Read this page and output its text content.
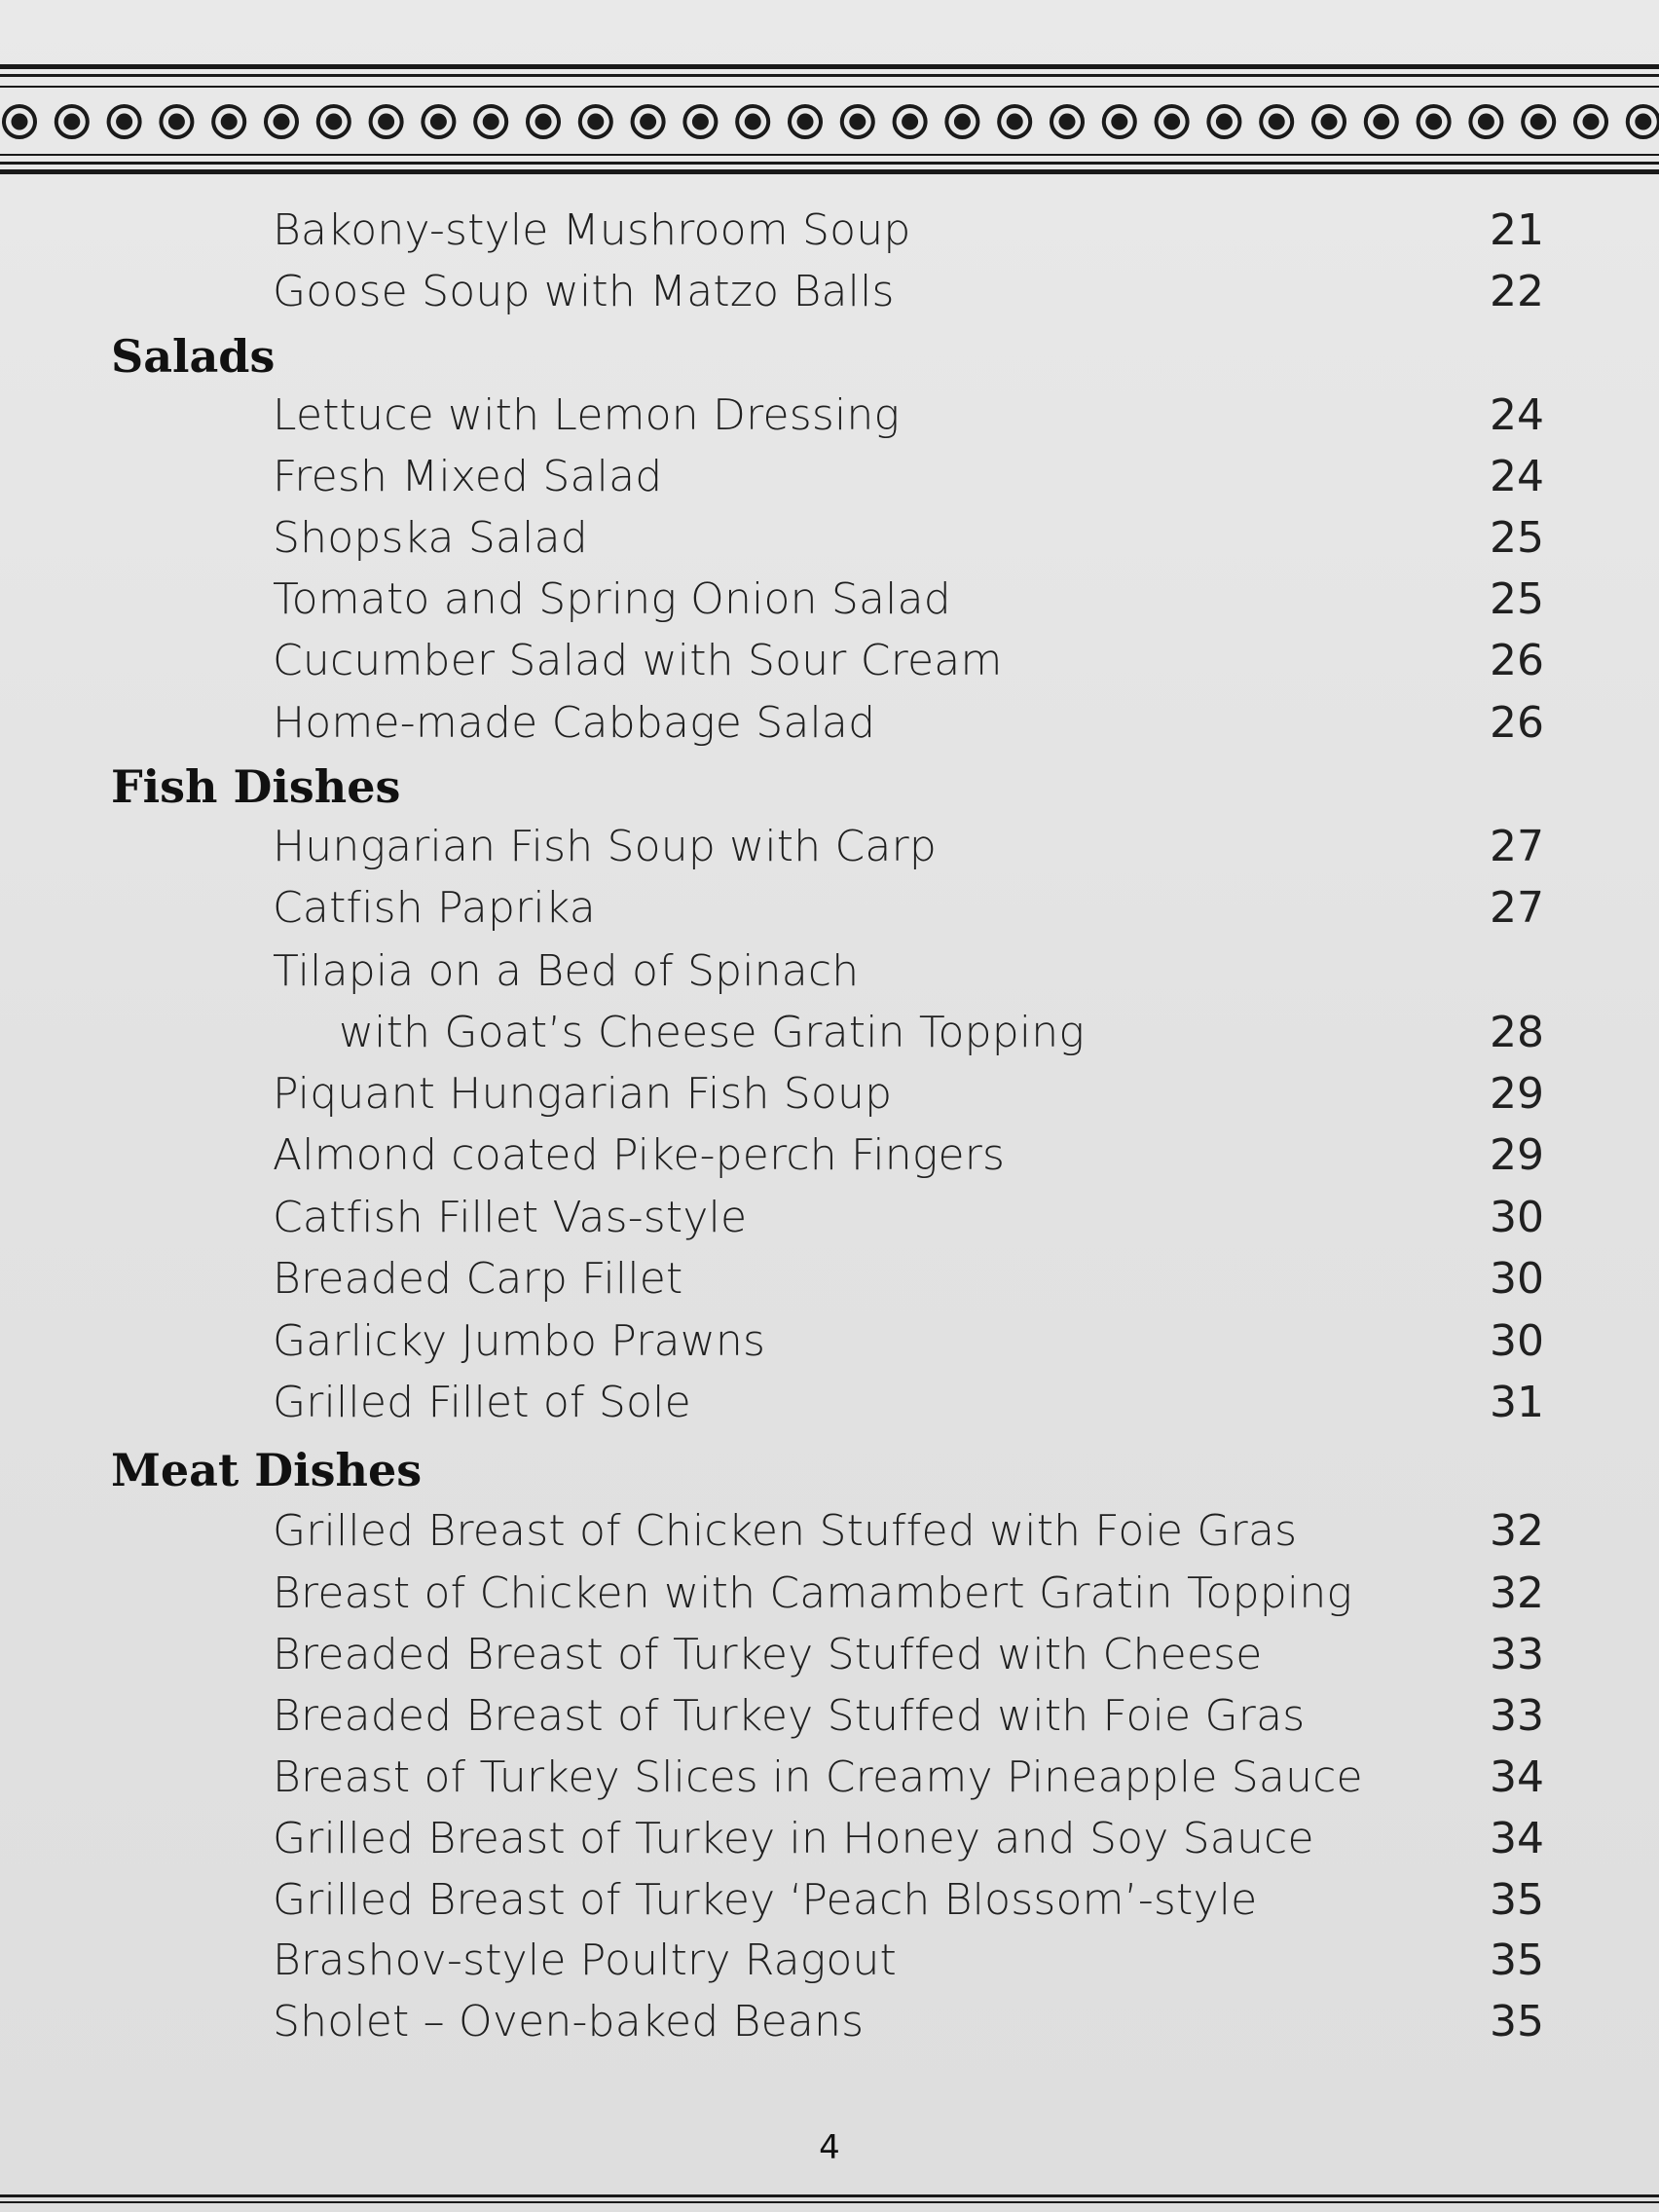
Bakony-style Mushroom Soup	21
Goose Soup with Matzo Balls	22
Salads
Lettuce with Lemon Dressing	24
Fresh Mixed Salad	24
Shopska Salad	25
Tomato and Spring Onion Salad	25
Cucumber Salad with Sour Cream	26
Home-made Cabbage Salad	26
Fish Dishes
Hungarian Fish Soup with Carp	27
Catfish Paprika	27
Tilapia on a Bed of Spinach
with Goat’s Cheese Gratin Topping	28
Piquant Hungarian Fish Soup	29
Almond coated Pike-perch Fingers	29
Catfish Fillet Vas-style	30
Breaded Carp Fillet	30
Garlicky Jumbo Prawns	30
Grilled Fillet of Sole	31
Meat Dishes
Grilled Breast of Chicken Stuffed with Foie Gras	32
Breast of Chicken with Camambert Gratin Topping	32
Breaded Breast of Turkey Stuffed with Cheese	33
Breaded Breast of Turkey Stuffed with Foie Gras	33
Breast of Turkey Slices in Creamy Pineapple Sauce	34
Grilled Breast of Turkey in Honey and Soy Sauce	34
Grilled Breast of Turkey ‘Peach Blossom’-style	35
Brashov-style Poultry Ragout	35
Sholet – Oven-baked Beans	35
4
